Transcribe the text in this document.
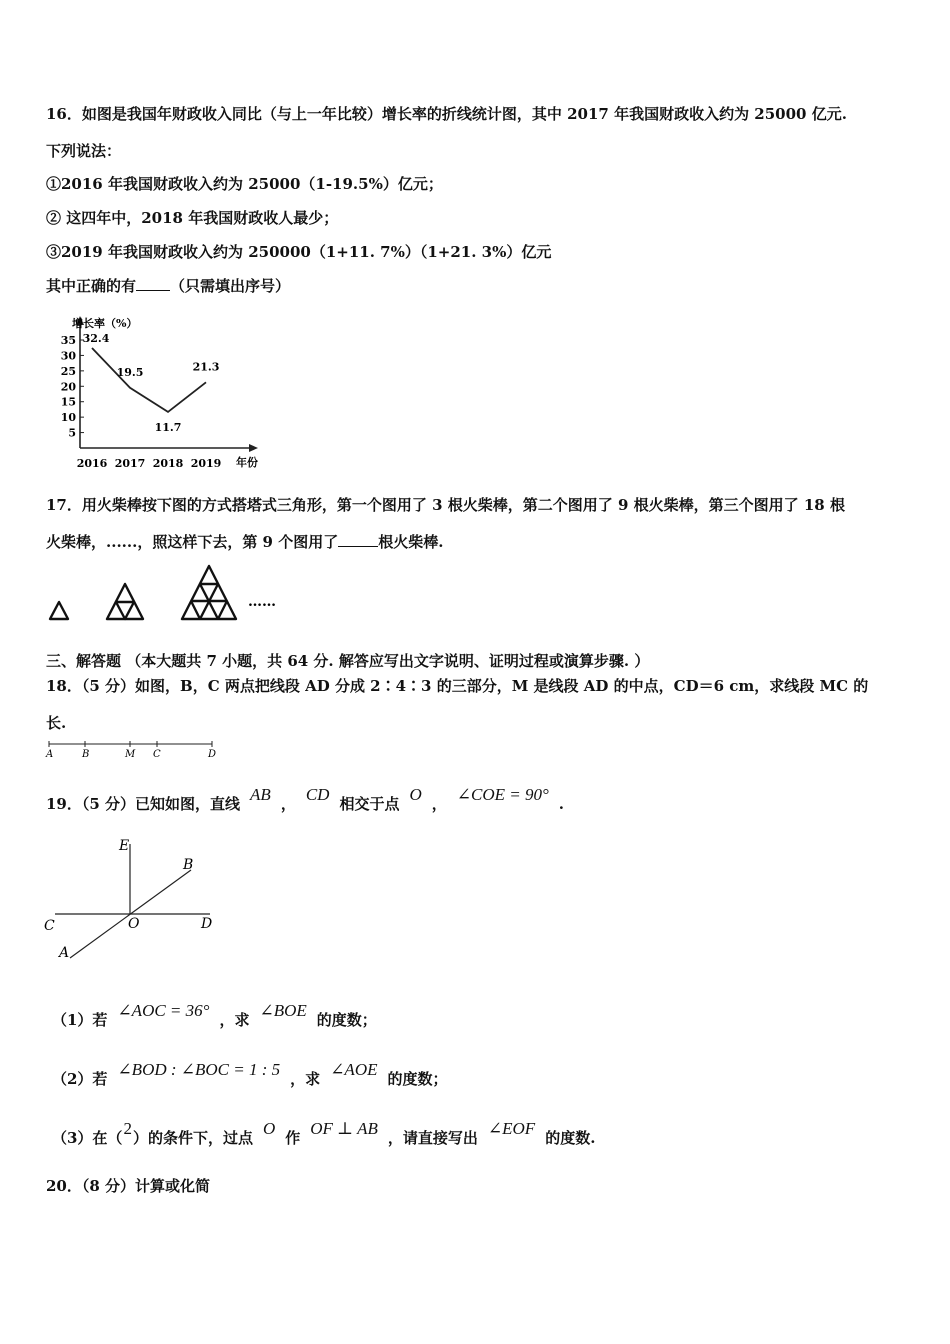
16．如图是我国年财政收入同比（与上一年比较）增长率的折线统计图，其中 2017 年我国财政收入约为 25000 亿元.
下列说法：
①2016 年我国财政收入约为 25000（1-19.5%）亿元；
② 这四年中，2018 年我国财政收人最少；
③2019 年我国财政收入约为 250000（1+11. 7%）（1+21. 3%）亿元
其中正确的有 （只需填出序号）
增长率（%）
年份
5
10
15
20
25
30
35
2016 2017 2018 2019
32.4
19.5
11.7
21.3
17．用火柴棒按下图的方式搭塔式三角形，第一个图用了 3 根火柴棒，第二个图用了 9 根火柴棒，第三个图用了 18 根
火柴棒，......，照这样下去，第 9 个图用了	根火柴棒.
……
三、解答题 （本大题共 7 小题，共 64 分. 解答应写出文字说明、证明过程或演算步骤. ）
18．（5 分）如图，B，C 两点把线段 AD 分成 2∶4∶3 的三部分，M 是线段 AD 的中点，CD＝6 cm，求线段 MC 的
长.
A	B	M C	D
19．（5 分）已知如图，直线 AB ， CD 相交于点 O ， ∠COE = 90° .
E
B
C	O	D
A
（1）若 ∠AOC = 36° ，求 ∠BOE 的度数；
（2）若 ∠BOD : ∠BOC = 1 : 5 ，求 ∠AOE 的度数；
（3）在（2）的条件下，过点 O 作 OF ⊥ AB ，请直接写出 ∠EOF 的度数.
20．（8 分）计算或化简
